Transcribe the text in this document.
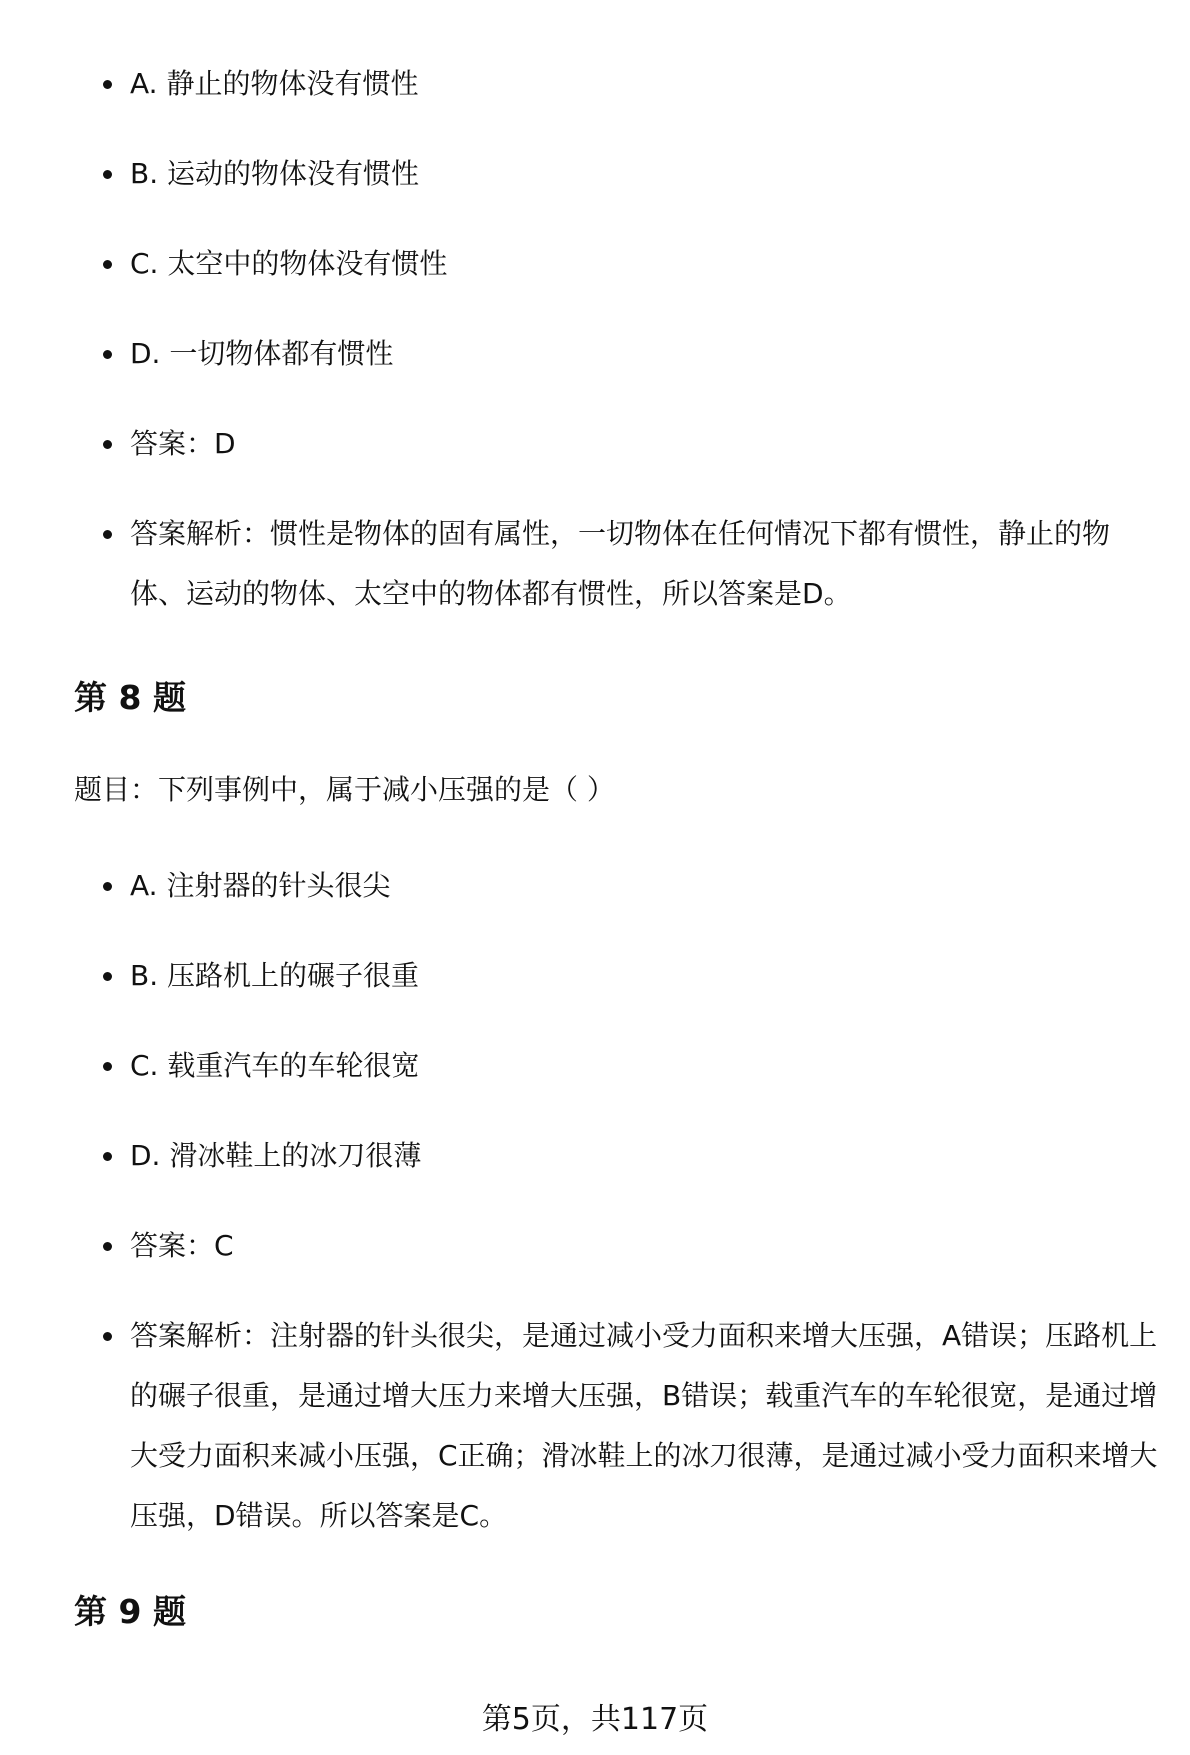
A. 静止的物体没有惯性
B. 运动的物体没有惯性
C. 太空中的物体没有惯性
D. 一切物体都有惯性
答案：D
答案解析：惯性是物体的固有属性，一切物体在任何情况下都有惯性，静止的物体、运动的物体、太空中的物体都有惯性，所以答案是D。
第 8 题
题目：下列事例中，属于减小压强的是（ ）
A. 注射器的针头很尖
B. 压路机上的碾子很重
C. 载重汽车的车轮很宽
D. 滑冰鞋上的冰刀很薄
答案：C
答案解析：注射器的针头很尖，是通过减小受力面积来增大压强，A错误；压路机上的碾子很重，是通过增大压力来增大压强，B错误；载重汽车的车轮很宽，是通过增大受力面积来减小压强，C正确；滑冰鞋上的冰刀很薄，是通过减小受力面积来增大压强，D错误。所以答案是C。
第 9 题
第5页，共117页
